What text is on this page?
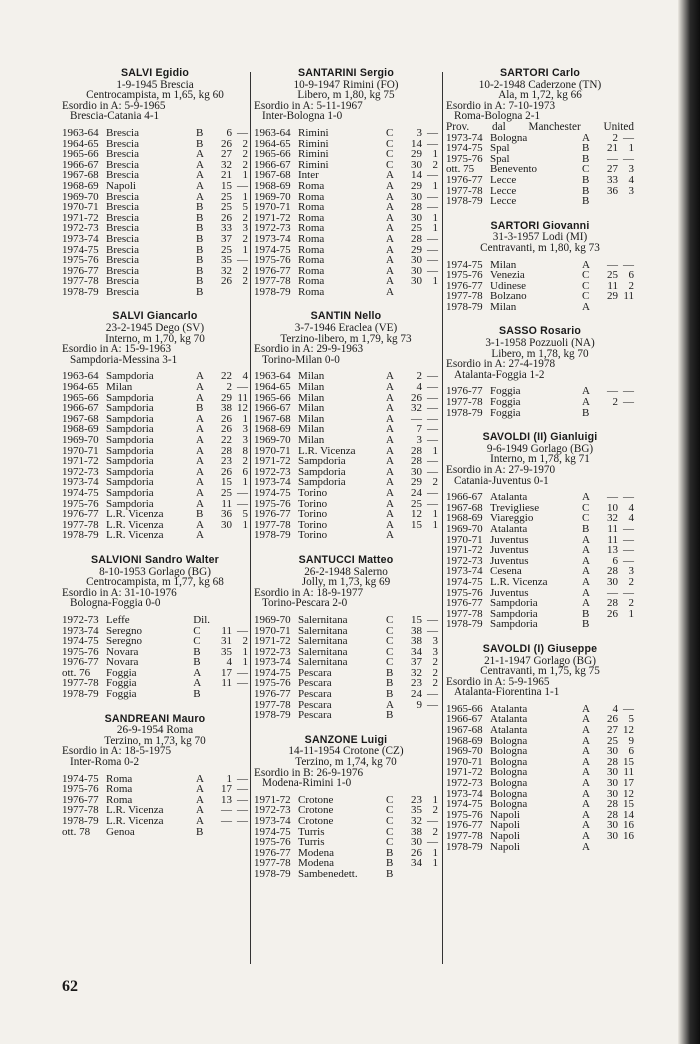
SALVI Egidio
1-9-1945 Brescia
Centrocampista, m 1,65, kg 60
Esordio in A: 5-9-1965
Brescia-Catania 4-1
1963-64	Brescia	B	6	—
1964-65	Brescia	B	26	2
1965-66	Brescia	A	27	2
1966-67	Brescia	A	32	2
1967-68	Brescia	A	21	1
1968-69	Napoli	A	15	—
1969-70	Brescia	A	25	1
1970-71	Brescia	B	25	5
1971-72	Brescia	B	26	2
1972-73	Brescia	B	33	3
1973-74	Brescia	B	37	2
1974-75	Brescia	B	25	1
1975-76	Brescia	B	35	—
1976-77	Brescia	B	32	2
1977-78	Brescia	B	26	2
1978-79	Brescia	B		
SALVI Giancarlo
23-2-1945 Dego (SV)
Interno, m 1,70, kg 70
Esordio in A: 15-9-1963
Sampdoria-Messina 3-1
1963-64	Sampdoria	A	22	4
1964-65	Milan	A	2	—
1965-66	Sampdoria	A	29	11
1966-67	Sampdoria	B	38	12
1967-68	Sampdoria	A	26	1
1968-69	Sampdoria	A	26	3
1969-70	Sampdoria	A	22	3
1970-71	Sampdoria	A	28	8
1971-72	Sampdoria	A	23	2
1972-73	Sampdoria	A	26	6
1973-74	Sampdoria	A	15	1
1974-75	Sampdoria	A	25	—
1975-76	Sampdoria	A	11	—
1976-77	L.R. Vicenza	B	36	5
1977-78	L.R. Vicenza	A	30	1
1978-79	L.R. Vicenza	A		
SALVIONI Sandro Walter
8-10-1953 Gorlago (BG)
Centrocampista, m 1,77, kg 68
Esordio in A: 31-10-1976
Bologna-Foggia 0-0
1972-73	Leffe	Dil.		
1973-74	Seregno	C	11	—
1974-75	Seregno	C	31	2
1975-76	Novara	B	35	1
1976-77	Novara	B	4	1
ott. 76	Foggia	A	17	—
1977-78	Foggia	A	11	—
1978-79	Foggia	B		
SANDREANI Mauro
26-9-1954 Roma
Terzino, m 1,73, kg 70
Esordio in A: 18-5-1975
Inter-Roma 0-2
1974-75	Roma	A	1	—
1975-76	Roma	A	17	—
1976-77	Roma	A	13	—
1977-78	L.R. Vicenza	A	—	—
1978-79	L.R. Vicenza	A	—	—
ott. 78	Genoa	B		
SANTARINI Sergio
10-9-1947 Rimini (FO)
Libero, m 1,80, kg 75
Esordio in A: 5-11-1967
Inter-Bologna 1-0
1963-64	Rimini	C	3	—
1964-65	Rimini	C	14	—
1965-66	Rimini	C	29	1
1966-67	Rimini	C	30	2
1967-68	Inter	A	14	—
1968-69	Roma	A	29	1
1969-70	Roma	A	30	—
1970-71	Roma	A	28	—
1971-72	Roma	A	30	1
1972-73	Roma	A	25	1
1973-74	Roma	A	28	—
1974-75	Roma	A	29	—
1975-76	Roma	A	30	—
1976-77	Roma	A	30	—
1977-78	Roma	A	30	1
1978-79	Roma	A		
SANTIN Nello
3-7-1946 Eraclea (VE)
Terzino-libero, m 1,79, kg 73
Esordio in A: 29-9-1963
Torino-Milan 0-0
1963-64	Milan	A	2	—
1964-65	Milan	A	4	—
1965-66	Milan	A	26	—
1966-67	Milan	A	32	—
1967-68	Milan	A	—	—
1968-69	Milan	A	7	—
1969-70	Milan	A	3	—
1970-71	L.R. Vicenza	A	28	1
1971-72	Sampdoria	A	28	—
1972-73	Sampdoria	A	30	—
1973-74	Sampdoria	A	29	2
1974-75	Torino	A	24	—
1975-76	Torino	A	25	—
1976-77	Torino	A	12	1
1977-78	Torino	A	15	1
1978-79	Torino	A		
SANTUCCI Matteo
26-2-1948 Salerno
Jolly, m 1,73, kg 69
Esordio in A: 18-9-1977
Torino-Pescara 2-0
1969-70	Salernitana	C	15	—
1970-71	Salernitana	C	38	—
1971-72	Salernitana	C	38	3
1972-73	Salernitana	C	34	3
1973-74	Salernitana	C	37	2
1974-75	Pescara	B	32	2
1975-76	Pescara	B	23	2
1976-77	Pescara	B	24	—
1977-78	Pescara	A	9	—
1978-79	Pescara	B		
SANZONE Luigi
14-11-1954 Crotone (CZ)
Terzino, m 1,74, kg 70
Esordio in B: 26-9-1976
Modena-Rimini 1-0
1971-72	Crotone	C	23	1
1972-73	Crotone	C	35	2
1973-74	Crotone	C	32	—
1974-75	Turris	C	38	2
1975-76	Turris	C	30	—
1976-77	Modena	B	26	1
1977-78	Modena	B	34	1
1978-79	Sambenedett.	B		
SARTORI Carlo
10-2-1948 Caderzone (TN)
Ala, m 1,72, kg 66
Esordio in A: 7-10-1973
Roma-Bologna 2-1
Prov. dal Manchester United
1973-74	Bologna	A	2	—
1974-75	Spal	B	21	1
1975-76	Spal	B	—	—
ott. 75	Benevento	C	27	3
1976-77	Lecce	B	33	4
1977-78	Lecce	B	36	3
1978-79	Lecce	B		
SARTORI Giovanni
31-3-1957 Lodi (MI)
Centravanti, m 1,80, kg 73
1974-75	Milan	A	—	—
1975-76	Venezia	C	25	6
1976-77	Udinese	C	11	2
1977-78	Bolzano	C	29	11
1978-79	Milan	A		
SASSO Rosario
3-1-1958 Pozzuoli (NA)
Libero, m 1,78, kg 70
Esordio in A: 27-4-1978
Atalanta-Foggia 1-2
1976-77	Foggia	A	—	—
1977-78	Foggia	A	2	—
1978-79	Foggia	B		
SAVOLDI (II) Gianluigi
9-6-1949 Gorlago (BG)
Interno, m 1,78, kg 71
Esordio in A: 27-9-1970
Catania-Juventus 0-1
1966-67	Atalanta	A	—	—
1967-68	Trevigliese	C	10	4
1968-69	Viareggio	C	32	4
1969-70	Atalanta	B	11	—
1970-71	Juventus	A	11	—
1971-72	Juventus	A	13	—
1972-73	Juventus	A	6	—
1973-74	Cesena	A	28	3
1974-75	L.R. Vicenza	A	30	2
1975-76	Juventus	A	—	—
1976-77	Sampdoria	A	28	2
1977-78	Sampdoria	B	26	1
1978-79	Sampdoria	B		
SAVOLDI (I) Giuseppe
21-1-1947 Gorlago (BG)
Centravanti, m 1,75, kg 75
Esordio in A: 5-9-1965
Atalanta-Fiorentina 1-1
1965-66	Atalanta	A	4	—
1966-67	Atalanta	A	26	5
1967-68	Atalanta	A	27	12
1968-69	Bologna	A	25	9
1969-70	Bologna	A	30	6
1970-71	Bologna	A	28	15
1971-72	Bologna	A	30	11
1972-73	Bologna	A	30	17
1973-74	Bologna	A	30	12
1974-75	Bologna	A	28	15
1975-76	Napoli	A	28	14
1976-77	Napoli	A	30	16
1977-78	Napoli	A	30	16
1978-79	Napoli	A		
62
